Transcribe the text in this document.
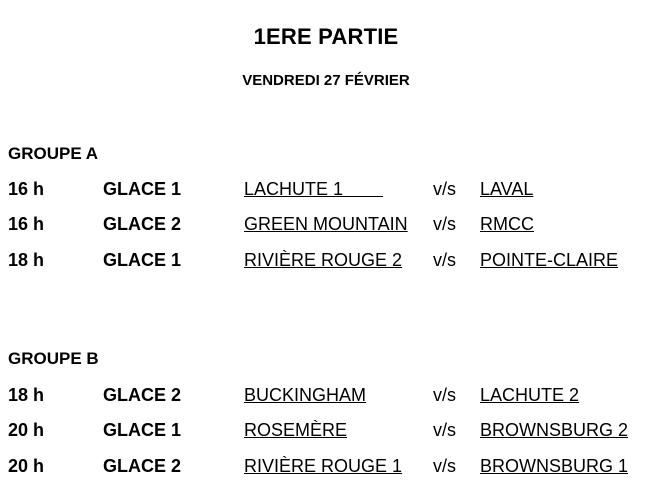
1ERE PARTIE
VENDREDI 27 FÉVRIER
GROUPE A
16 h	GLACE 1	LACHUTE 1	v/s LAVAL
16 h	GLACE 2	GREEN MOUNTAIN v/s RMCC
18 h	GLACE 1	RIVIÈRE ROUGE 2 v/s POINTE-CLAIRE
GROUPE B
18 h	GLACE 2	BUCKINGHAM	v/s LACHUTE 2
20 h	GLACE 1	ROSEMÈRE	v/s BROWNSBURG 2
20 h	GLACE 2	RIVIÈRE ROUGE 1 v/s BROWNSBURG 1
